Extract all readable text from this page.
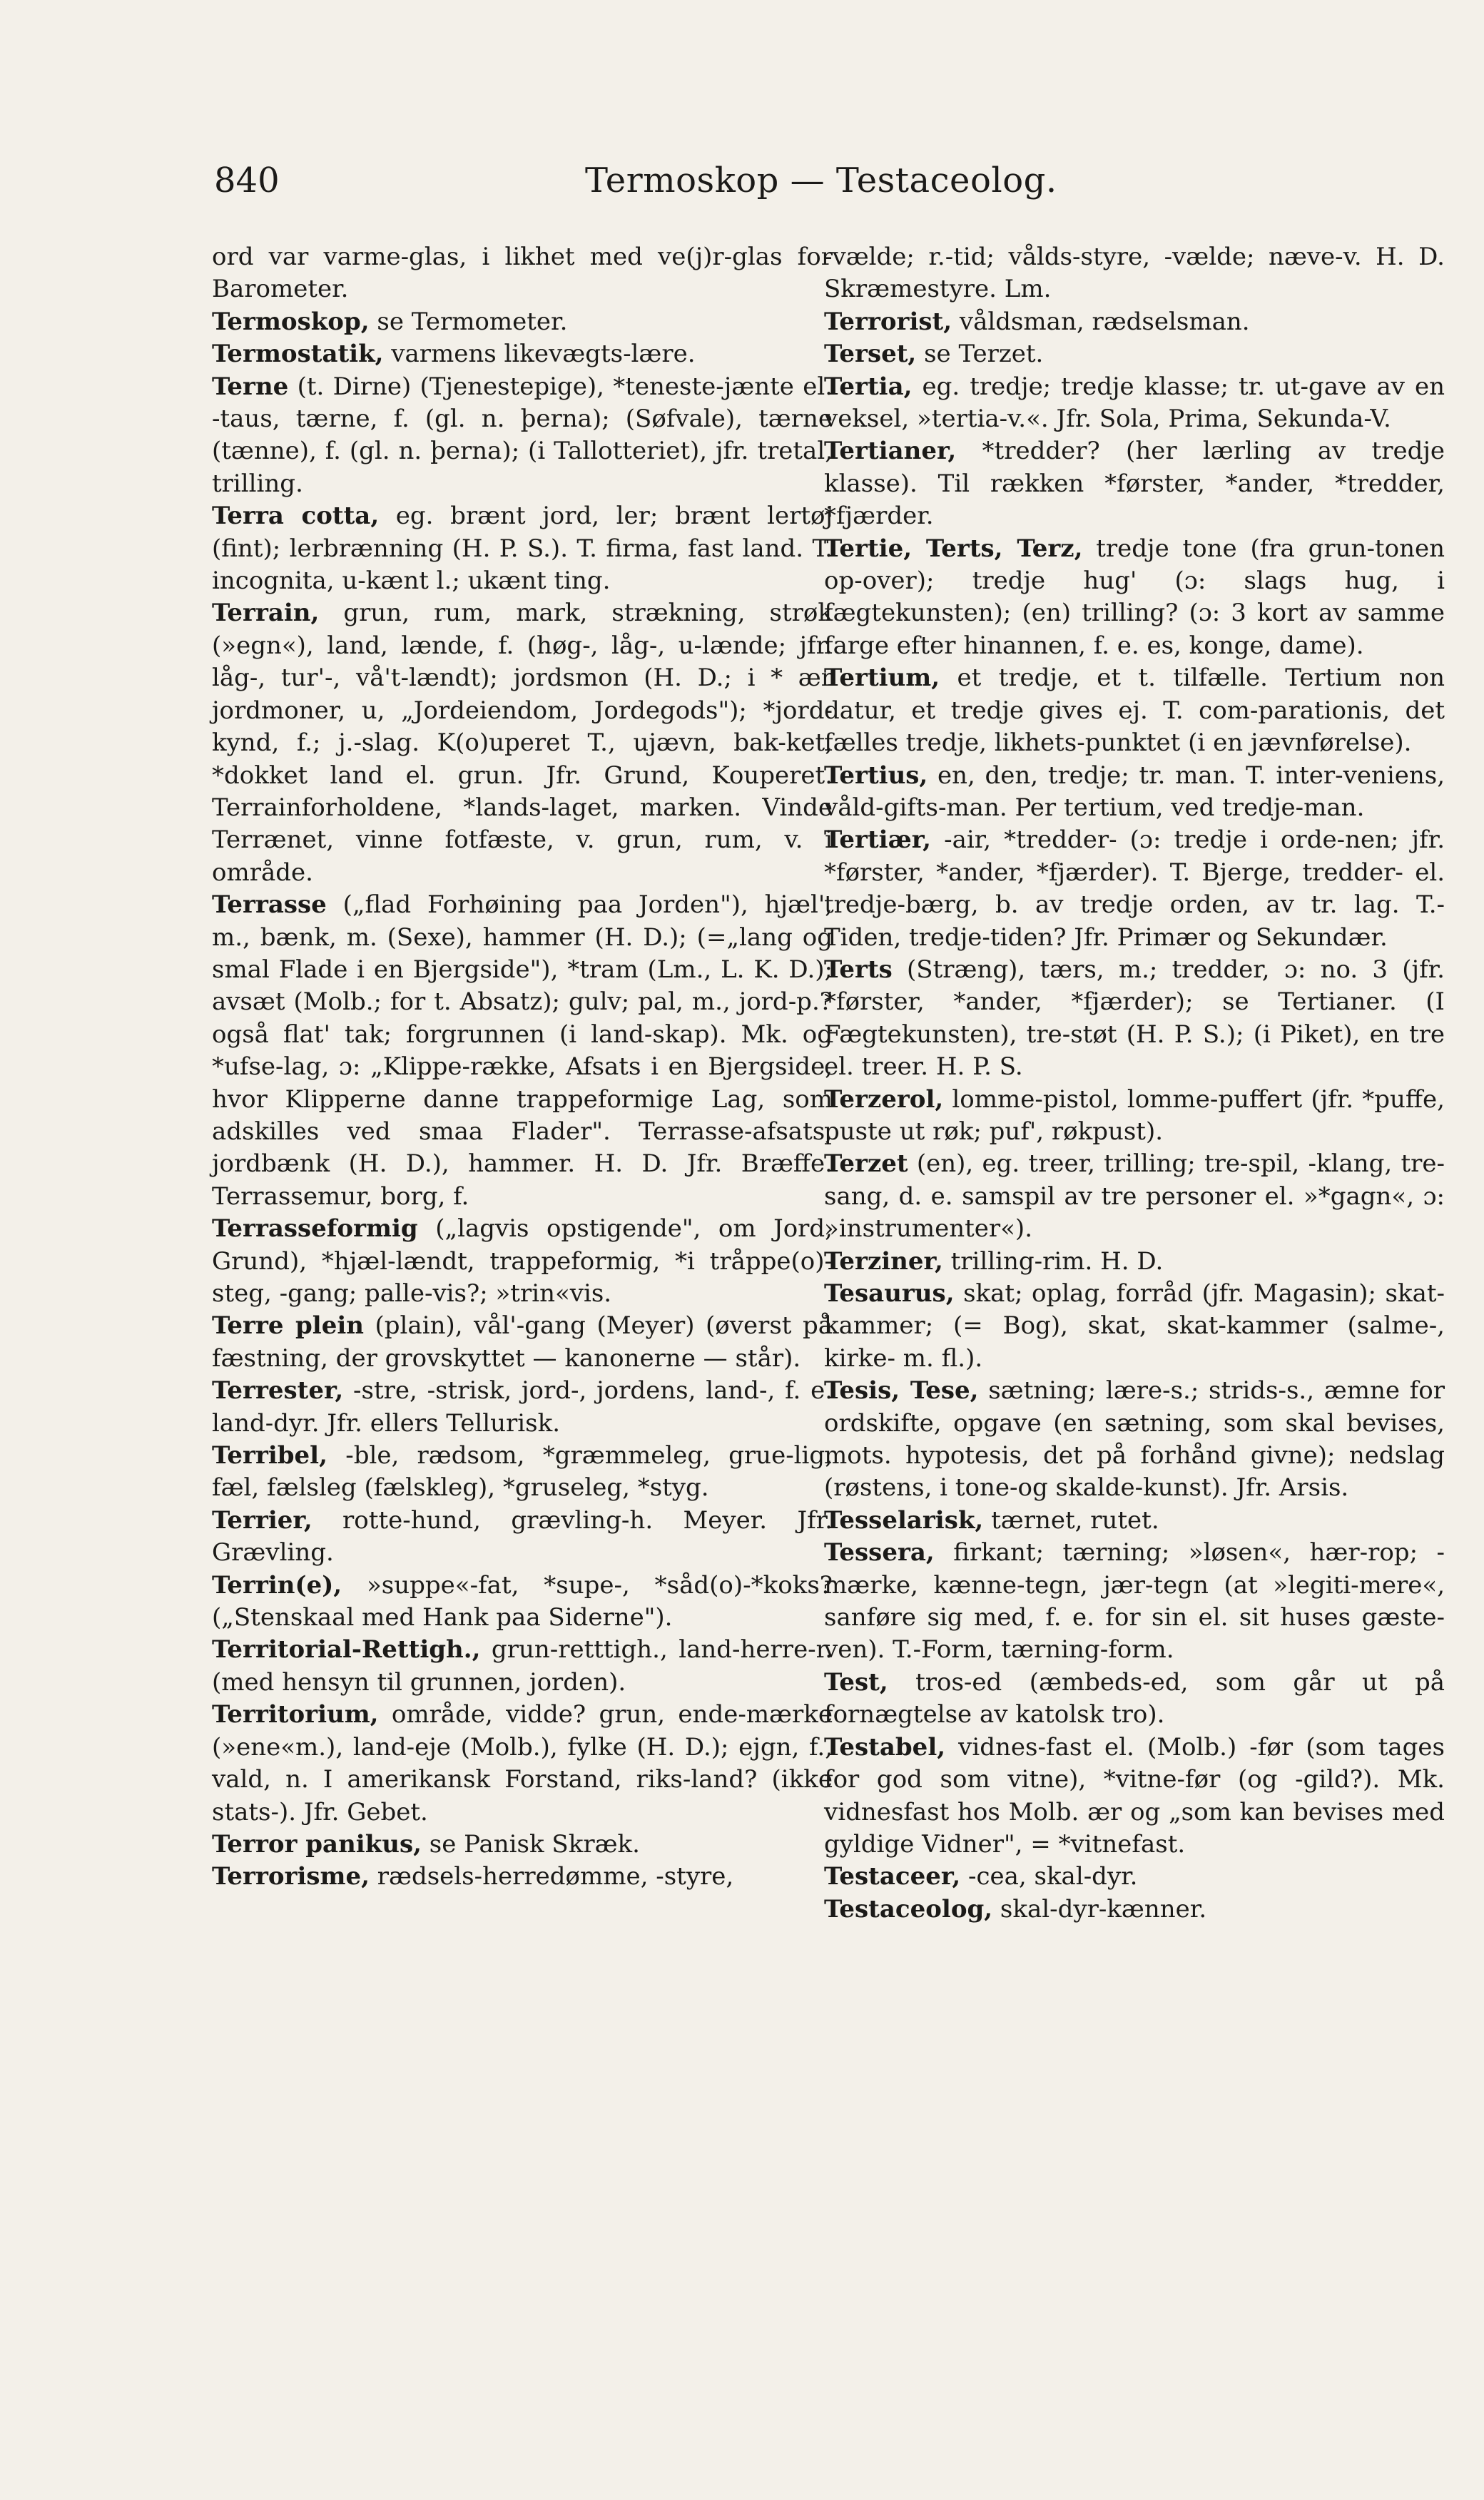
840	Termoskop — Testaceolog.

ord var varme-glas, i likhet med ve(j)r-glas for Barometer.

Termoskop, se Termometer.

Termostatik, varmens likevægts-lære.

Terne (t. Dirne) (Tjenestepige), *teneste-jænte el. -taus, tærne, f. (gl. n. þerna); (Søfvale), tærne (tænne), f. (gl. n. þerna); (i Tallotteriet), jfr. tretal, trilling.

Terra cotta, eg. brænt jord, ler; brænt lertøj (fint); lerbrænning (H. P. S.). T. firma, fast land. T. incognita, u-kænt l.; ukænt ting.

Terrain, grun, rum, mark, strækning, strøk (»egn«), land, lænde, f. (høg-, låg-, u-lænde; jfr. låg-, tur'-, vå't-lændt); jordsmon (H. D.; i * ær jordmoner, u, „Jordeiendom, Jordegods"); *jord-kynd, f.; j.-slag. K(o)uperet T., ujævn, bak-ket, *dokket land el. grun. Jfr. Grund, Kouperet. Terrainforholdene, *lands-laget, marken. Vinde Terrænet, vinne fotfæste, v. grun, rum, v. i område.

Terrasse („flad Forhøining paa Jorden"), hjæl', m., bænk, m. (Sexe), hammer (H. D.); (=„lang og smal Flade i en Bjergside"), *tram (Lm., L. K. D.); avsæt (Molb.; for t. Absatz); gulv; pal, m., jord-p.? også flat' tak; forgrunnen (i land-skap). Mk. og *ufse-lag, ɔ: „Klippe-række, Afsats i en Bjergside, hvor Klipperne danne trappeformige Lag, som adskilles ved smaa Flader". Terrasse-afsats, jordbænk (H. D.), hammer. H. D. Jfr. Bræffe. Terrassemur, borg, f.

Terrasseformig („lagvis opstigende", om Jord, Grund), *hjæl-lændt, trappeformig, *i tråppe(o)-steg, -gang; palle-vis?; »trin«vis.

Terre plein (plain), vål'-gang (Meyer) (øverst på fæstning, der grovskyttet — kanonerne — står).

Terrester, -stre, -strisk, jord-, jordens, land-, f. e. land-dyr. Jfr. ellers Tellurisk.

Terribel, -ble, rædsom, *græmmeleg, grue-lig, fæl, fælsleg (fælskleg), *gruseleg, *styg.

Terrier, rotte-hund, grævling-h. Meyer. Jfr. Grævling.

Terrin(e), »suppe«-fat, *supe-, *såd(o)-*koks? („Stenskaal med Hank paa Siderne").

Territorial-Rettigh., grun-retttigh., land-herre-r. (med hensyn til grunnen, jorden).

Territorium, område, vidde? grun, ende-mærke (»ene«m.), land-eje (Molb.), fylke (H. D.); ejgn, f., vald, n. I amerikansk Forstand, riks-land? (ikke stats-). Jfr. Gebet.

Terror panikus, se Panisk Skræk.

Terrorisme, rædsels-herredømme, -styre,

-vælde; r.-tid; vålds-styre, -vælde; næve-v. H. D. Skræmestyre. Lm.

Terrorist, våldsman, rædselsman.

Terset, se Terzet.

Tertia, eg. tredje; tredje klasse; tr. ut-gave av en veksel, »tertia-v.«. Jfr. Sola, Prima, Sekunda-V.

Tertianer, *tredder? (her lærling av tredje klasse). Til rækken *førster, *ander, *tredder, *fjærder.

Tertie, Terts, Terz, tredje tone (fra grun-tonen op-over); tredje hug' (ɔ: slags hug, i fægtekunsten); (en) trilling? (ɔ: 3 kort av samme farge efter hinannen, f. e. es, konge, dame).

Tertium, et tredje, et t. tilfælle. Tertium non datur, et tredje gives ej. T. com-parationis, det fælles tredje, likhets-punktet (i en jævnførelse).

Tertius, en, den, tredje; tr. man. T. inter-veniens, våld-gifts-man. Per tertium, ved tredje-man.

Tertiær, -air, *tredder- (ɔ: tredje i orde-nen; jfr. *førster, *ander, *fjærder). T. Bjerge, tredder- el. tredje-bærg, b. av tredje orden, av tr. lag. T.-Tiden, tredje-tiden? Jfr. Primær og Sekundær.

Terts (Stræng), tærs, m.; tredder, ɔ: no. 3 (jfr. *førster, *ander, *fjærder); se Tertianer. (I Fægtekunsten), tre-støt (H. P. S.); (i Piket), en tre el. treer. H. P. S.

Terzerol, lomme-pistol, lomme-puffert (jfr. *puffe, puste ut røk; puf', røkpust).

Terzet (en), eg. treer, trilling; tre-spil, -klang, tre-sang, d. e. samspil av tre personer el. »*gagn«, ɔ: »instrumenter«).

Terziner, trilling-rim. H. D.

Tesaurus, skat; oplag, forråd (jfr. Magasin); skat-kammer; (= Bog), skat, skat-kammer (salme-, kirke- m. fl.).

Tesis, Tese, sætning; lære-s.; strids-s., æmne for ordskifte, opgave (en sætning, som skal bevises, mots. hypotesis, det på forhånd givne); nedslag (røstens, i tone-og skalde-kunst). Jfr. Arsis.

Tesselarisk, tærnet, rutet.

Tessera, firkant; tærning; »løsen«, hær-rop; -mærke, kænne-tegn, jær-tegn (at »legiti-mere«, sanføre sig med, f. e. for sin el. sit huses gæste-ven). T.-Form, tærning-form.

Test, tros-ed (æmbeds-ed, som går ut på fornægtelse av katolsk tro).

Testabel, vidnes-fast el. (Molb.) -før (som tages for god som vitne), *vitne-før (og -gild?). Mk. vidnesfast hos Molb. ær og „som kan bevises med gyldige Vidner", = *vitnefast.

Testaceer, -cea, skal-dyr.

Testaceolog, skal-dyr-kænner.
